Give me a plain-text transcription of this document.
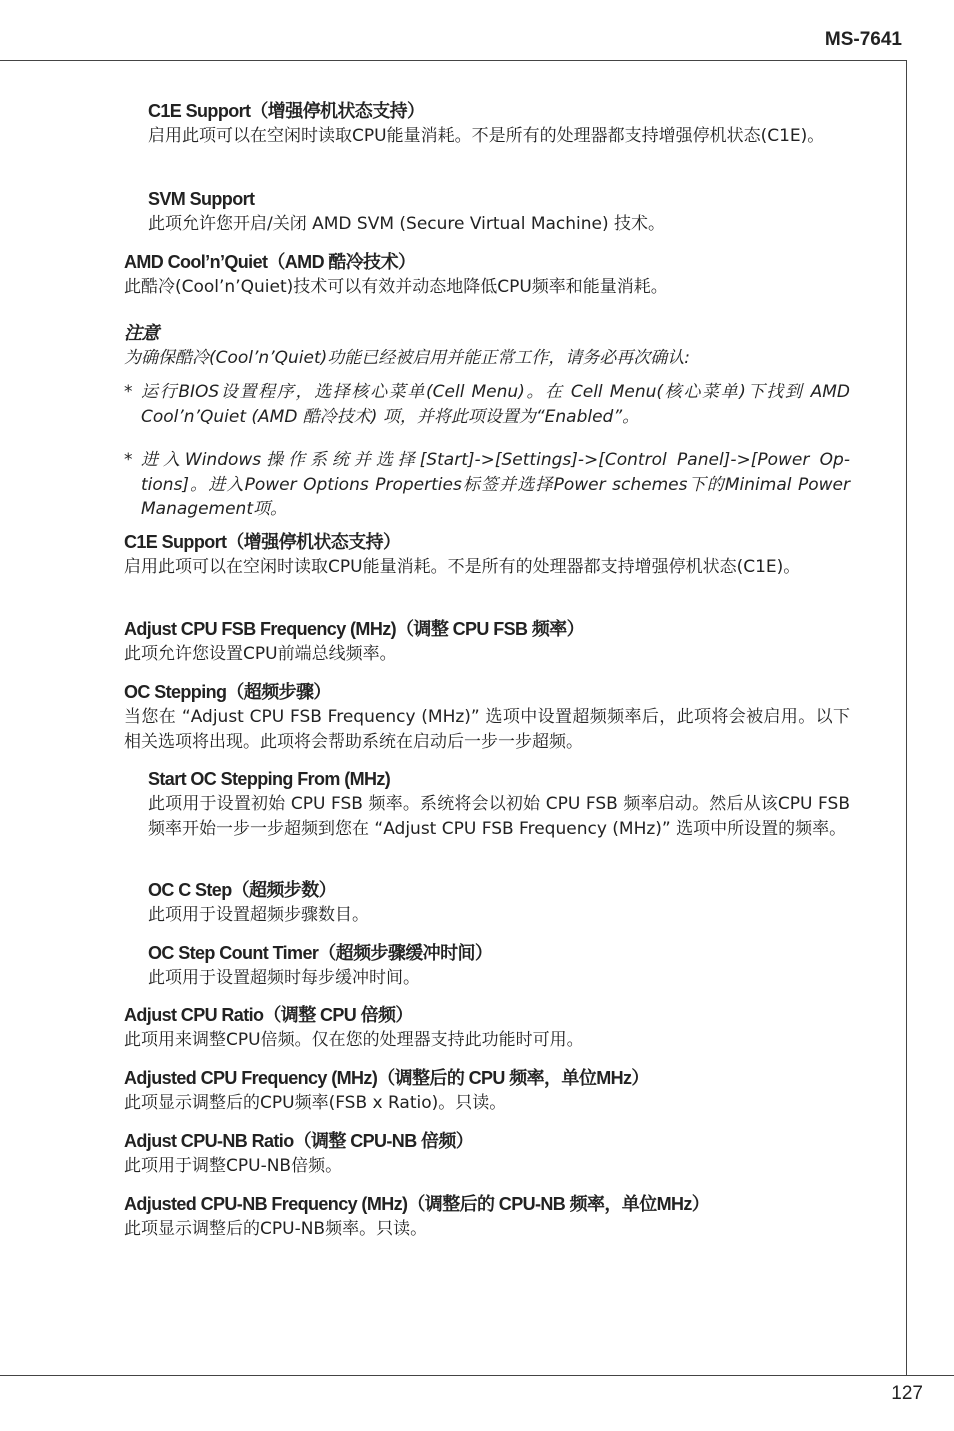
MS-7641
C1E Support（增强停机状态支持）
启用此项可以在空闲时读取CPU能量消耗。不是所有的处理器都支持增强停机状态(C1E)。
SVM Support
此项允许您开启/关闭 AMD SVM (Secure Virtual Machine) 技术。
AMD Cool’n’Quiet（AMD 酷冷技术）
此酷冷(Cool’n’Quiet)技术可以有效并动态地降低CPU频率和能量消耗。
注意
为确保酷冷(Cool’n’Quiet)功能已经被启用并能正常工作，请务必再次确认:
* 运行BIOS设置程序，选择核心菜单(Cell Menu)。在 Cell Menu(核心菜单)下找到 AMD Cool’n’Quiet (AMD 酷冷技术) 项，并将此项设置为“Enabled”。
* 进入Windows操作系统并选择[Start]->[Settings]->[Control Panel]->[Power Op-tions]。进入Power Options Properties标签并选择Power schemes下的Minimal Power Management项。
C1E Support（增强停机状态支持）
启用此项可以在空闲时读取CPU能量消耗。不是所有的处理器都支持增强停机状态(C1E)。
Adjust CPU FSB Frequency (MHz)（调整 CPU FSB 频率）
此项允许您设置CPU前端总线频率。
OC Stepping（超频步骤）
当您在 “Adjust CPU FSB Frequency (MHz)” 选项中设置超频频率后，此项将会被启用。以下相关选项将出现。此项将会帮助系统在启动后一步一步超频。
Start OC Stepping From (MHz)
此项用于设置初始 CPU FSB 频率。系统将会以初始 CPU FSB 频率启动。然后从该CPU FSB 频率开始一步一步超频到您在 “Adjust CPU FSB Frequency (MHz)” 选项中所设置的频率。
OC C Step（超频步数）
此项用于设置超频步骤数目。
OC Step Count Timer（超频步骤缓冲时间）
此项用于设置超频时每步缓冲时间。
Adjust CPU Ratio（调整 CPU 倍频）
此项用来调整CPU倍频。仅在您的处理器支持此功能时可用。
Adjusted CPU Frequency (MHz)（调整后的 CPU 频率，单位MHz）
此项显示调整后的CPU频率(FSB x Ratio)。只读。
Adjust CPU-NB Ratio（调整 CPU-NB 倍频）
此项用于调整CPU-NB倍频。
Adjusted CPU-NB Frequency (MHz)（调整后的 CPU-NB 频率，单位MHz）
此项显示调整后的CPU-NB频率。只读。
127
